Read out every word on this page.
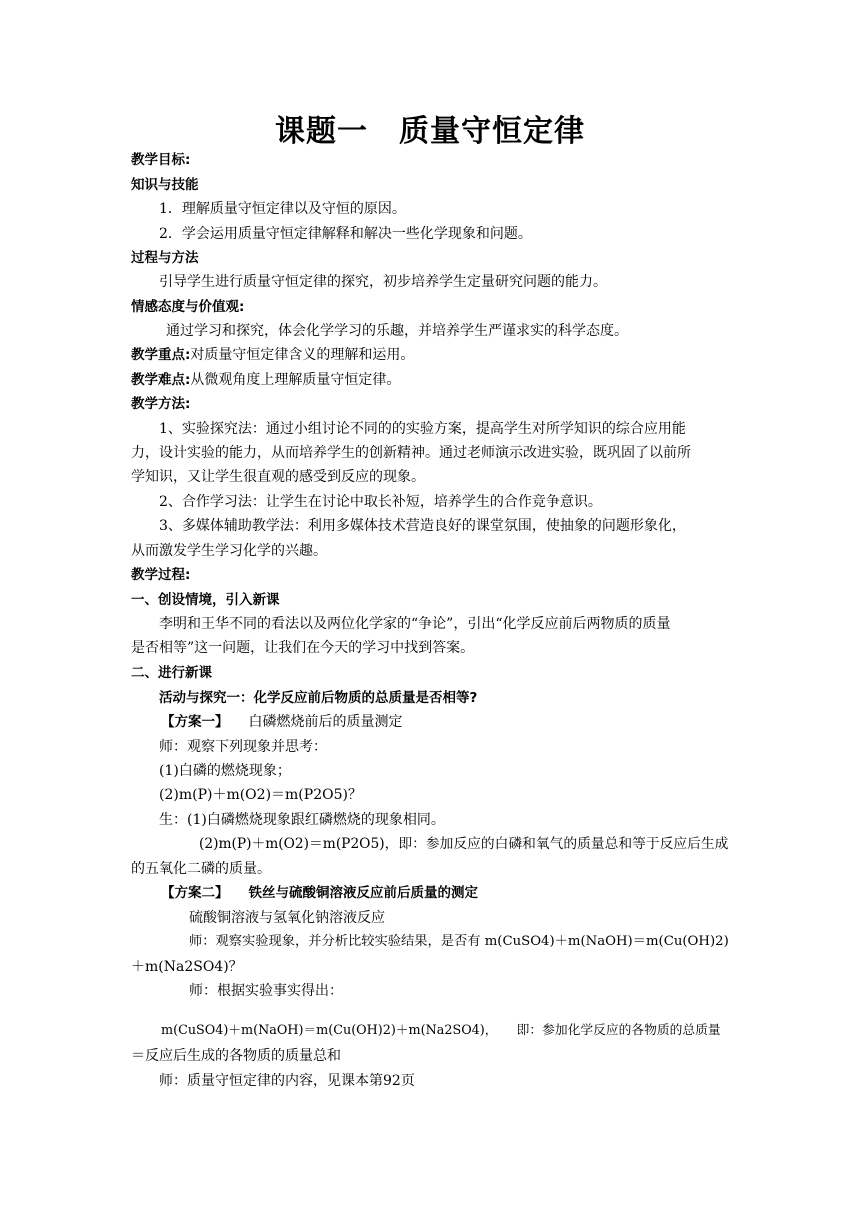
课题一　质量守恒定律
教学目标:
知识与技能
1．理解质量守恒定律以及守恒的原因。
2．学会运用质量守恒定律解释和解决一些化学现象和问题。
过程与方法
引导学生进行质量守恒定律的探究，初步培养学生定量研究问题的能力。
情感态度与价值观:
通过学习和探究，体会化学学习的乐趣，并培养学生严谨求实的科学态度。
教学重点:对质量守恒定律含义的理解和运用。
教学难点:从微观角度上理解质量守恒定律。
教学方法:
1、实验探究法：通过小组讨论不同的的实验方案，提高学生对所学知识的综合应用能
力，设计实验的能力，从而培养学生的创新精神。通过老师演示改进实验，既巩固了以前所
学知识，又让学生很直观的感受到反应的现象。
2、合作学习法：让学生在讨论中取长补短，培养学生的合作竞争意识。
3、多媒体辅助教学法：利用多媒体技术营造良好的课堂氛围，使抽象的问题形象化，
从而激发学生学习化学的兴趣。
教学过程:
一、创设情境，引入新课
李明和王华不同的看法以及两位化学家的“争论”，引出“化学反应前后两物质的质量
是否相等”这一问题，让我们在今天的学习中找到答案。
二、进行新课
活动与探究一：化学反应前后物质的总质量是否相等?
【方案一】 白磷燃烧前后的质量测定
师：观察下列现象并思考：
(1)白磷的燃烧现象；
(2)m(P)＋m(O2)＝m(P2O5)？
生：(1)白磷燃烧现象跟红磷燃烧的现象相同。
(2)m(P)＋m(O2)＝m(P2O5)，即：参加反应的白磷和氧气的质量总和等于反应后生成
的五氧化二磷的质量。
【方案二】 铁丝与硫酸铜溶液反应前后质量的测定
硫酸铜溶液与氢氧化钠溶液反应
师：观察实验现象，并分析比较实验结果，是否有 m(CuSO4)＋m(NaOH)＝m(Cu(OH)2)
＋m(Na2SO4)？
师：根据实验事实得出：
m(CuSO4)＋m(NaOH)＝m(Cu(OH)2)＋m(Na2SO4)，　　即：参加化学反应的各物质的总质量
＝反应后生成的各物质的质量总和
师：质量守恒定律的内容，见课本第92页
